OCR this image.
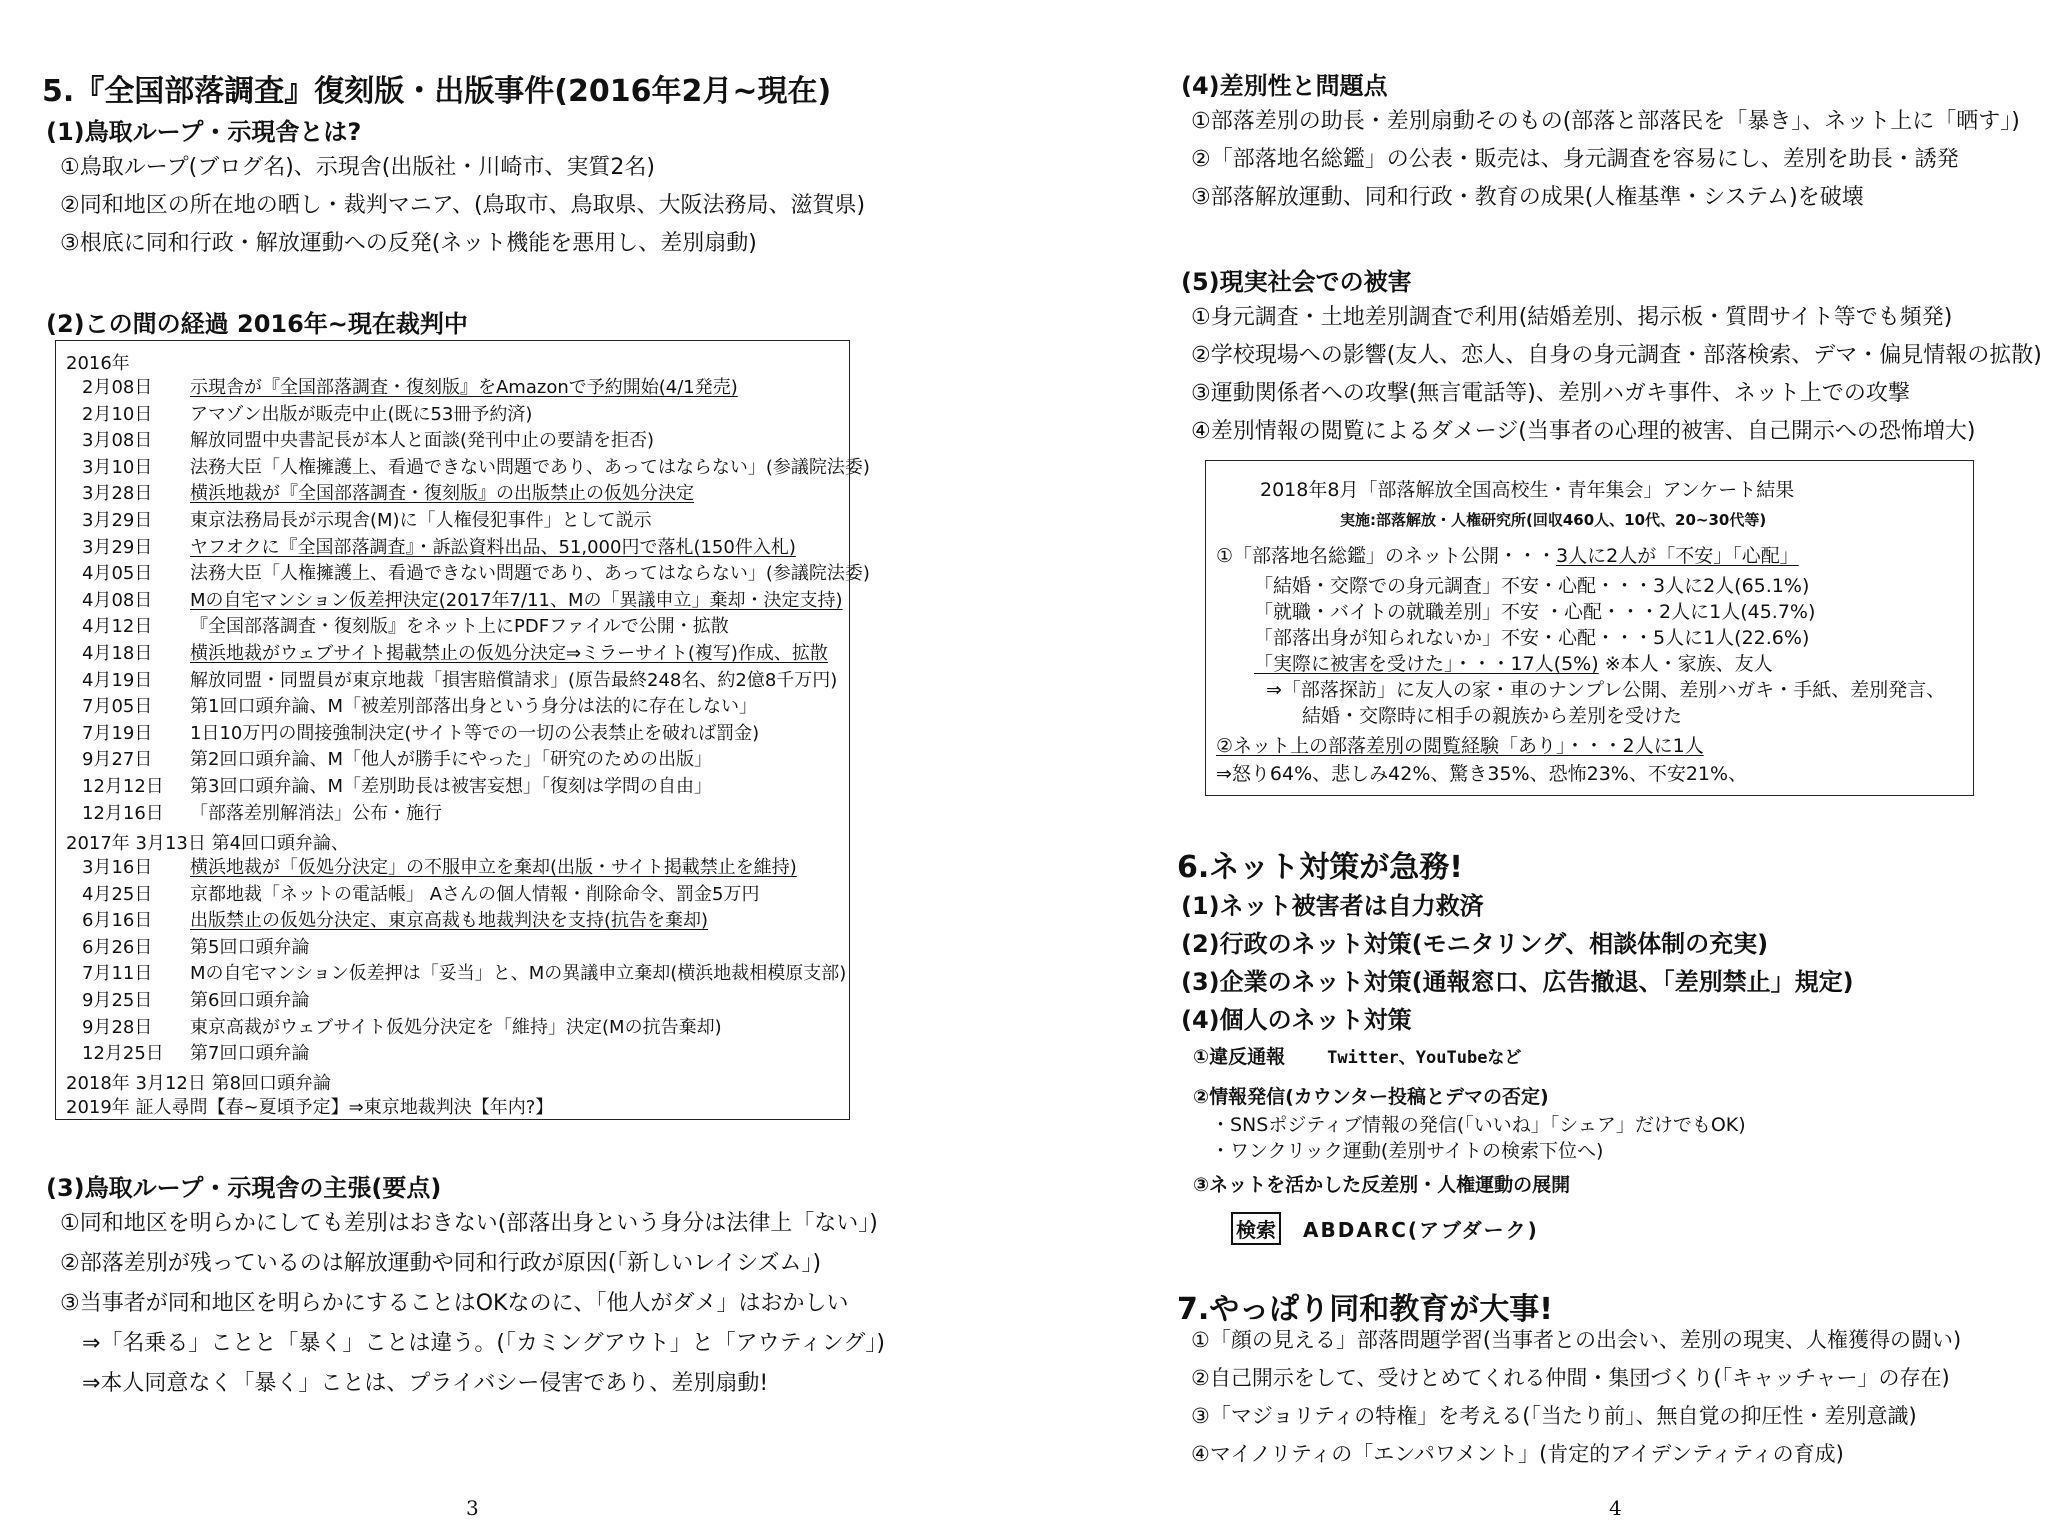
5.『全国部落調査』復刻版・出版事件(2016年2月~現在)
(1)鳥取ループ・示現舎とは?
①鳥取ループ(ブログ名)、示現舎(出版社・川崎市、実質2名)
②同和地区の所在地の晒し・裁判マニア、(鳥取市、鳥取県、大阪法務局、滋賀県)
③根底に同和行政・解放運動への反発(ネット機能を悪用し、差別扇動)
(2)この間の経過 2016年~現在裁判中
2016年
2月08日 示現舎が『全国部落調査・復刻版』をAmazonで予約開始(4/1発売)
2月10日 アマゾン出版が販売中止(既に53冊予約済)
3月08日 解放同盟中央書記長が本人と面談(発刊中止の要請を拒否)
3月10日 法務大臣「人権擁護上、看過できない問題であり、あってはならない」(参議院法委)
3月28日 横浜地裁が『全国部落調査・復刻版』の出版禁止の仮処分決定
3月29日 東京法務局長が示現舎(M)に「人権侵犯事件」として説示
3月29日 ヤフオクに『全国部落調査』・訴訟資料出品、51,000円で落札(150件入札)
4月05日 法務大臣「人権擁護上、看過できない問題であり、あってはならない」(参議院法委)
4月08日 Mの自宅マンション仮差押決定(2017年7/11、Mの「異議申立」棄却・決定支持)
4月12日 『全国部落調査・復刻版』をネット上にPDFファイルで公開・拡散
4月18日 横浜地裁がウェブサイト掲載禁止の仮処分決定⇒ミラーサイト(複写)作成、拡散
4月19日 解放同盟・同盟員が東京地裁「損害賠償請求」(原告最終248名、約2億8千万円)
7月05日 第1回口頭弁論、M「被差別部落出身という身分は法的に存在しない」
7月19日 1日10万円の間接強制決定(サイト等での一切の公表禁止を破れば罰金)
9月27日 第2回口頭弁論、M「他人が勝手にやった」「研究のための出版」
12月12日 第3回口頭弁論、M「差別助長は被害妄想」「復刻は学問の自由」
12月16日 「部落差別解消法」公布・施行
2017年 3月13日 第4回口頭弁論、
3月16日 横浜地裁が「仮処分決定」の不服申立を棄却(出版・サイト掲載禁止を維持)
4月25日 京都地裁「ネットの電話帳」 Aさんの個人情報・削除命令、罰金5万円
6月16日 出版禁止の仮処分決定、東京高裁も地裁判決を支持(抗告を棄却)
6月26日 第5回口頭弁論
7月11日 Mの自宅マンション仮差押は「妥当」と、Mの異議申立棄却(横浜地裁相模原支部)
9月25日 第6回口頭弁論
9月28日 東京高裁がウェブサイト仮処分決定を「維持」決定(Mの抗告棄却)
12月25日 第7回口頭弁論
2018年 3月12日 第8回口頭弁論
2019年 証人尋問【春~夏頃予定】⇒東京地裁判決【年内?】
(3)鳥取ループ・示現舎の主張(要点)
①同和地区を明らかにしても差別はおきない(部落出身という身分は法律上「ない」)
②部落差別が残っているのは解放運動や同和行政が原因(「新しいレイシズム」)
③当事者が同和地区を明らかにすることはOKなのに、「他人がダメ」はおかしい
⇒「名乗る」ことと「暴く」ことは違う。(「カミングアウト」と「アウティング」)
⇒本人同意なく「暴く」ことは、プライバシー侵害であり、差別扇動!
3
(4)差別性と問題点
①部落差別の助長・差別扇動そのもの(部落と部落民を「暴き」、ネット上に「晒す」)
②「部落地名総鑑」の公表・販売は、身元調査を容易にし、差別を助長・誘発
③部落解放運動、同和行政・教育の成果(人権基準・システム)を破壊
(5)現実社会での被害
①身元調査・土地差別調査で利用(結婚差別、掲示板・質問サイト等でも頻発)
②学校現場への影響(友人、恋人、自身の身元調査・部落検索、デマ・偏見情報の拡散)
③運動関係者への攻撃(無言電話等)、差別ハガキ事件、ネット上での攻撃
④差別情報の閲覧によるダメージ(当事者の心理的被害、自己開示への恐怖増大)
2018年8月「部落解放全国高校生・青年集会」アンケート結果
実施:部落解放・人権研究所(回収460人、10代、20~30代等)
①「部落地名総鑑」のネット公開・・・3人に2人が「不安」「心配」
「結婚・交際での身元調査」不安・心配・・・3人に2人(65.1%)
「就職・バイトの就職差別」不安 ・心配・・・2人に1人(45.7%)
「部落出身が知られないか」不安・心配・・・5人に1人(22.6%)
「実際に被害を受けた」・・・17人(5%) ※本人・家族、友人
⇒「部落探訪」に友人の家・車のナンプレ公開、差別ハガキ・手紙、差別発言、
結婚・交際時に相手の親族から差別を受けた
②ネット上の部落差別の閲覧経験「あり」・・・2人に1人
⇒怒り64%、悲しみ42%、驚き35%、恐怖23%、不安21%、
6.ネット対策が急務!
(1)ネット被害者は自力救済
(2)行政のネット対策(モニタリング、相談体制の充実)
(3)企業のネット対策(通報窓口、広告撤退、「差別禁止」規定)
(4)個人のネット対策
①違反通報 Twitter、YouTubeなど
②情報発信(カウンター投稿とデマの否定)
・SNSポジティブ情報の発信(「いいね」「シェア」だけでもOK)
・ワンクリック運動(差別サイトの検索下位へ)
③ネットを活かした反差別・人権運動の展開
検索 ABDARC(アブダーク)
7.やっぱり同和教育が大事!
①「顔の見える」部落問題学習(当事者との出会い、差別の現実、人権獲得の闘い)
②自己開示をして、受けとめてくれる仲間・集団づくり(「キャッチャー」の存在)
③「マジョリティの特権」を考える(「当たり前」、無自覚の抑圧性・差別意識)
④マイノリティの「エンパワメント」(肯定的アイデンティティの育成)
4
